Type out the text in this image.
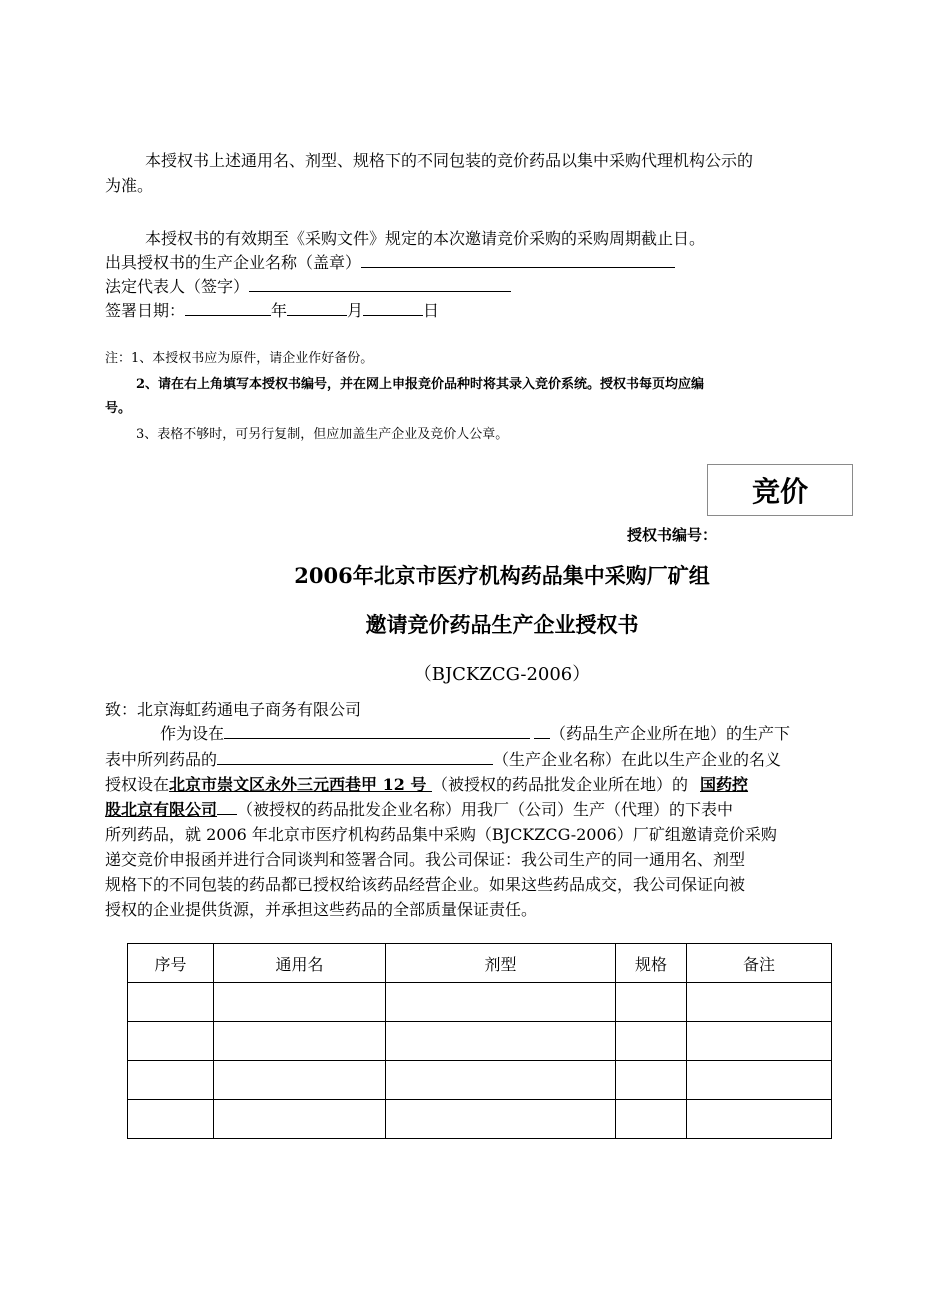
本授权书上述通用名、剂型、规格下的不同包装的竞价药品以集中采购代理机构公示的
为准。
本授权书的有效期至《采购文件》规定的本次邀请竞价采购的采购周期截止日。
出具授权书的生产企业名称（盖章）
法定代表人（签字）
签署日期：	年	月	日
注：1、本授权书应为原件，请企业作好备份。
2、请在右上角填写本授权书编号，并在网上申报竞价品种时将其录入竞价系统。授权书每页均应编
号。
3、表格不够时，可另行复制，但应加盖生产企业及竞价人公章。
竞价
授权书编号：
2006年北京市医疗机构药品集中采购厂矿组
邀请竞价药品生产企业授权书
（BJCKZCG-2006）
致：北京海虹药通电子商务有限公司
作为设在	（药品生产企业所在地）的生产下
表中所列药品的	（生产企业名称）在此以生产企业的名义
授权设在北京市崇文区永外三元西巷甲 12 号 （被授权的药品批发企业所在地）的 国药控
股北京有限公司 （被授权的药品批发企业名称）用我厂（公司）生产（代理）的下表中
所列药品，就 2006 年北京市医疗机构药品集中采购（BJCKZCG-2006）厂矿组邀请竞价采购
递交竞价申报函并进行合同谈判和签署合同。我公司保证：我公司生产的同一通用名、剂型
规格下的不同包装的药品都已授权给该药品经营企业。如果这些药品成交，我公司保证向被
授权的企业提供货源，并承担这些药品的全部质量保证责任。
序号	通用名	剂型	规格	备注
